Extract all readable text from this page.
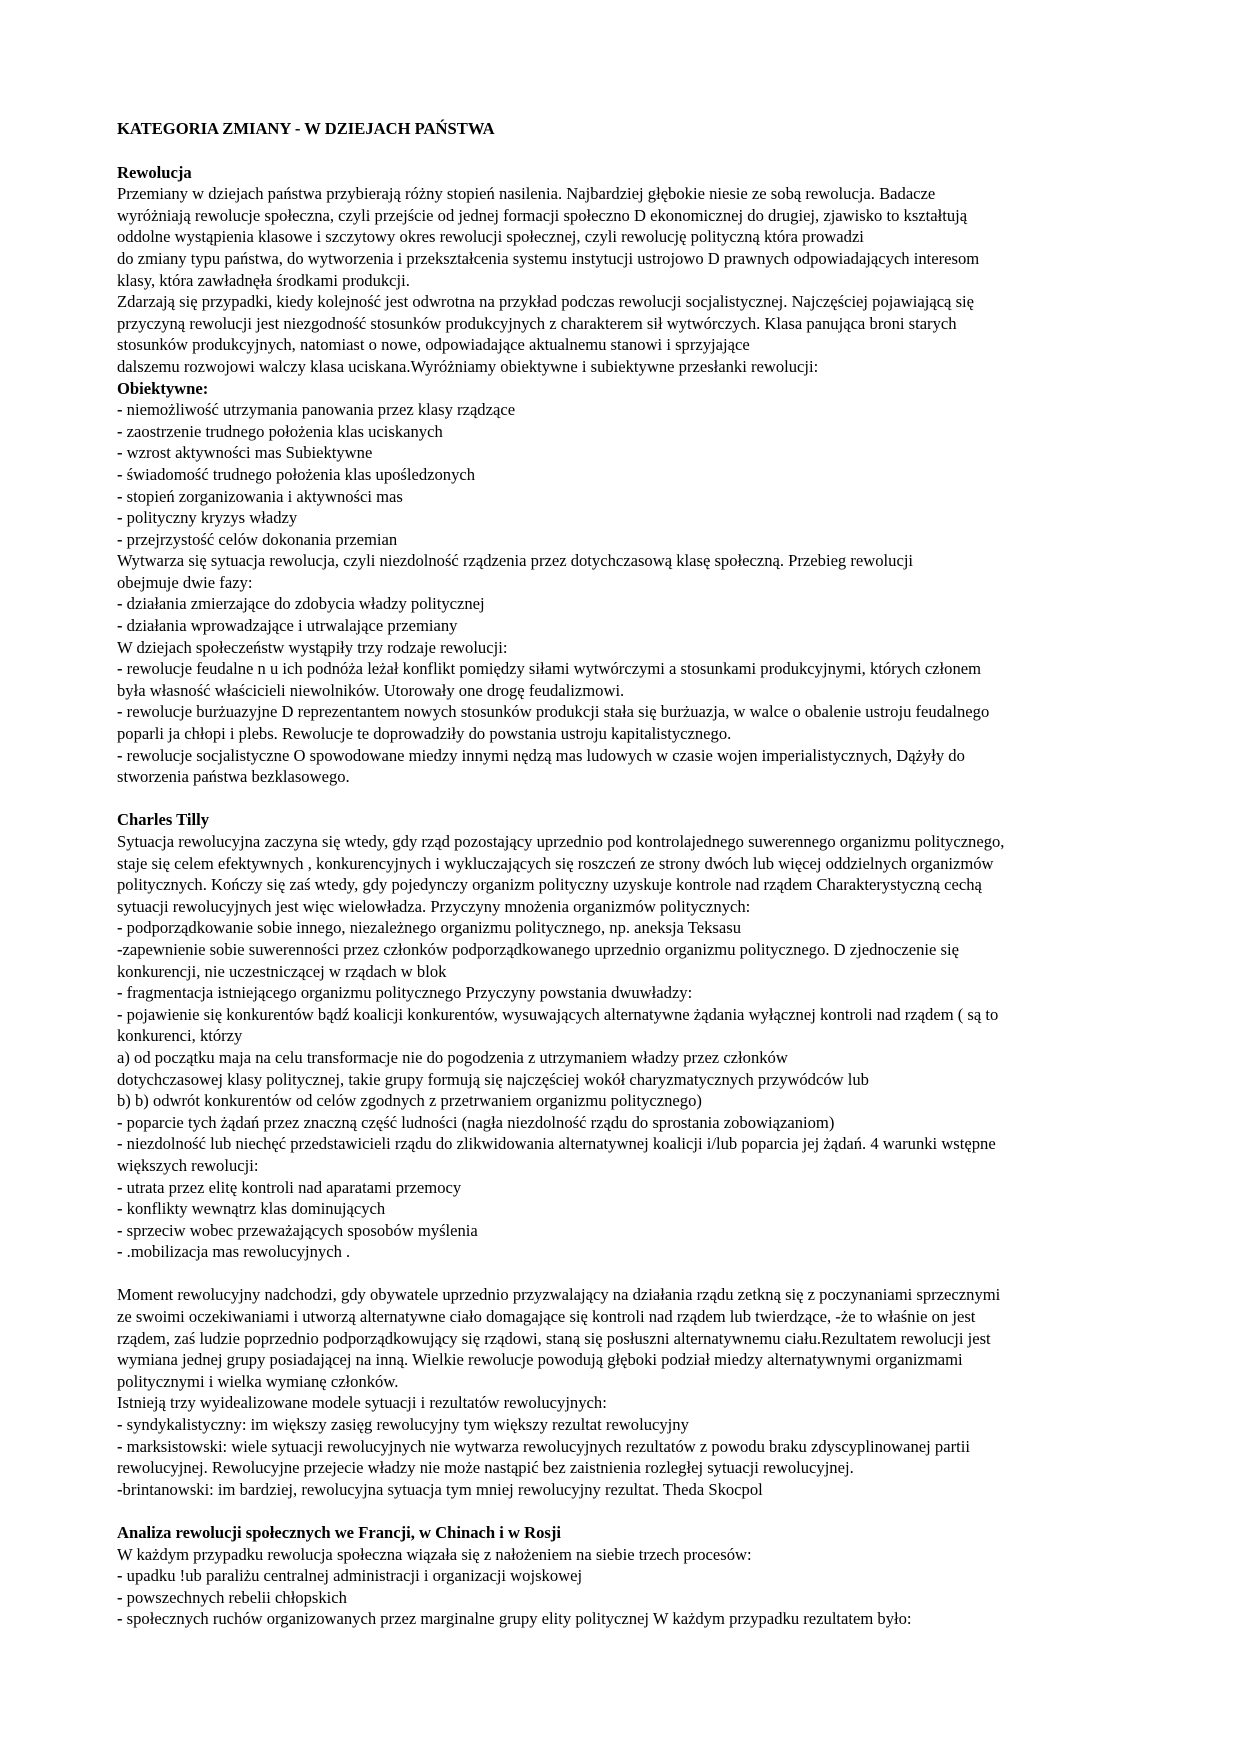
KATEGORIA ZMIANY - W DZIEJACH PAŃSTWA

Rewolucja

Przemiany w dziejach państwa przybierają różny stopień nasilenia. Najbardziej głębokie niesie ze sobą rewolucja. Badacze

wyróżniają rewolucje społeczna, czyli przejście od jednej formacji społeczno D ekonomicznej do drugiej, zjawisko to kształtują

oddolne wystąpienia klasowe i szczytowy okres rewolucji społecznej, czyli rewolucję polityczną która prowadzi

do zmiany typu państwa, do wytworzenia i przekształcenia systemu instytucji ustrojowo D prawnych odpowiadających interesom

klasy, która zawładnęła środkami produkcji.

Zdarzają się przypadki, kiedy kolejność jest odwrotna na przykład podczas rewolucji socjalistycznej. Najczęściej pojawiającą się

przyczyną rewolucji jest niezgodność stosunków produkcyjnych z charakterem sił wytwórczych. Klasa panująca broni starych

stosunków produkcyjnych, natomiast o nowe, odpowiadające aktualnemu stanowi i sprzyjające

dalszemu rozwojowi walczy klasa uciskana.Wyróżniamy obiektywne i subiektywne przesłanki rewolucji:

Obiektywne:

- niemożliwość utrzymania panowania przez klasy rządzące

- zaostrzenie trudnego położenia klas uciskanych

- wzrost aktywności mas Subiektywne

- świadomość trudnego położenia klas upośledzonych

- stopień zorganizowania i aktywności mas

- polityczny kryzys władzy

- przejrzystość celów dokonania przemian

Wytwarza się sytuacja rewolucja, czyli niezdolność rządzenia przez dotychczasową klasę społeczną. Przebieg rewolucji

obejmuje dwie fazy:

- działania zmierzające do zdobycia władzy politycznej

- działania wprowadzające i utrwalające przemiany

W dziejach społeczeństw wystąpiły trzy rodzaje rewolucji:

- rewolucje feudalne n u ich podnóża leżał konflikt pomiędzy siłami wytwórczymi a stosunkami produkcyjnymi, których członem

była własność właścicieli niewolników. Utorowały one drogę feudalizmowi.

- rewolucje burżuazyjne D reprezentantem nowych stosunków produkcji stała się burżuazja, w walce o obalenie ustroju feudalnego

poparli ja chłopi i plebs. Rewolucje te doprowadziły do powstania ustroju kapitalistycznego.

- rewolucje socjalistyczne O spowodowane miedzy innymi nędzą mas ludowych w czasie wojen imperialistycznych, Dążyły do

stworzenia państwa bezklasowego.

Charles Tilly

Sytuacja rewolucyjna zaczyna się wtedy, gdy rząd pozostający uprzednio pod kontrolajednego suwerennego organizmu politycznego,

staje się celem efektywnych , konkurencyjnych i wykluczających się roszczeń ze strony dwóch lub więcej oddzielnych organizmów

politycznych. Kończy się zaś wtedy, gdy pojedynczy organizm polityczny uzyskuje kontrole nad rządem Charakterystyczną cechą

sytuacji rewolucyjnych jest więc wielowładza. Przyczyny mnożenia organizmów politycznych:

- podporządkowanie sobie innego, niezależnego organizmu politycznego, np. aneksja Teksasu

-zapewnienie sobie suwerenności przez członków podporządkowanego uprzednio organizmu politycznego. D zjednoczenie się

konkurencji, nie uczestniczącej w rządach w blok

- fragmentacja istniejącego organizmu politycznego Przyczyny powstania dwuwładzy:

- pojawienie się konkurentów bądź koalicji konkurentów, wysuwających alternatywne żądania wyłącznej kontroli nad rządem ( są to

konkurenci, którzy

a) od początku maja na celu transformacje nie do pogodzenia z utrzymaniem władzy przez członków

dotychczasowej klasy politycznej, takie grupy formują się najczęściej wokół charyzmatycznych przywódców lub

b) b) odwrót konkurentów od celów zgodnych z przetrwaniem organizmu politycznego)

- poparcie tych żądań przez znaczną część ludności (nagła niezdolność rządu do sprostania zobowiązaniom)

- niezdolność lub niechęć przedstawicieli rządu do zlikwidowania alternatywnej koalicji i/lub poparcia jej żądań. 4 warunki wstępne

większych rewolucji:

- utrata przez elitę kontroli nad aparatami przemocy

- konflikty wewnątrz klas dominujących

- sprzeciw wobec przeważających sposobów myślenia

- .mobilizacja mas rewolucyjnych .

Moment rewolucyjny nadchodzi, gdy obywatele uprzednio przyzwalający na działania rządu zetkną się z poczynaniami sprzecznymi

ze swoimi oczekiwaniami i utworzą alternatywne ciało domagające się kontroli nad rządem lub twierdzące, -że to właśnie on jest

rządem, zaś ludzie poprzednio podporządkowujący się rządowi, staną się posłuszni alternatywnemu ciału.Rezultatem rewolucji jest

wymiana jednej grupy posiadającej na inną. Wielkie rewolucje powodują głęboki podział miedzy alternatywnymi organizmami

politycznymi i wielka wymianę członków.

Istnieją trzy wyidealizowane modele sytuacji i rezultatów rewolucyjnych:

- syndykalistyczny: im większy zasięg rewolucyjny tym większy rezultat rewolucyjny

- marksistowski: wiele sytuacji rewolucyjnych nie wytwarza rewolucyjnych rezultatów z powodu braku zdyscyplinowanej partii

rewolucyjnej. Rewolucyjne przejecie władzy nie może nastąpić bez zaistnienia rozległej sytuacji rewolucyjnej.

-brintanowski: im bardziej, rewolucyjna sytuacja tym mniej rewolucyjny rezultat. Theda Skocpol

Analiza rewolucji społecznych we Francji, w Chinach i w Rosji

W każdym przypadku rewolucja społeczna wiązała się z nałożeniem na siebie trzech procesów:

- upadku !ub paraliżu centralnej administracji i organizacji wojskowej

- powszechnych rebelii chłopskich

- społecznych ruchów organizowanych przez marginalne grupy elity politycznej W każdym przypadku rezultatem było:
